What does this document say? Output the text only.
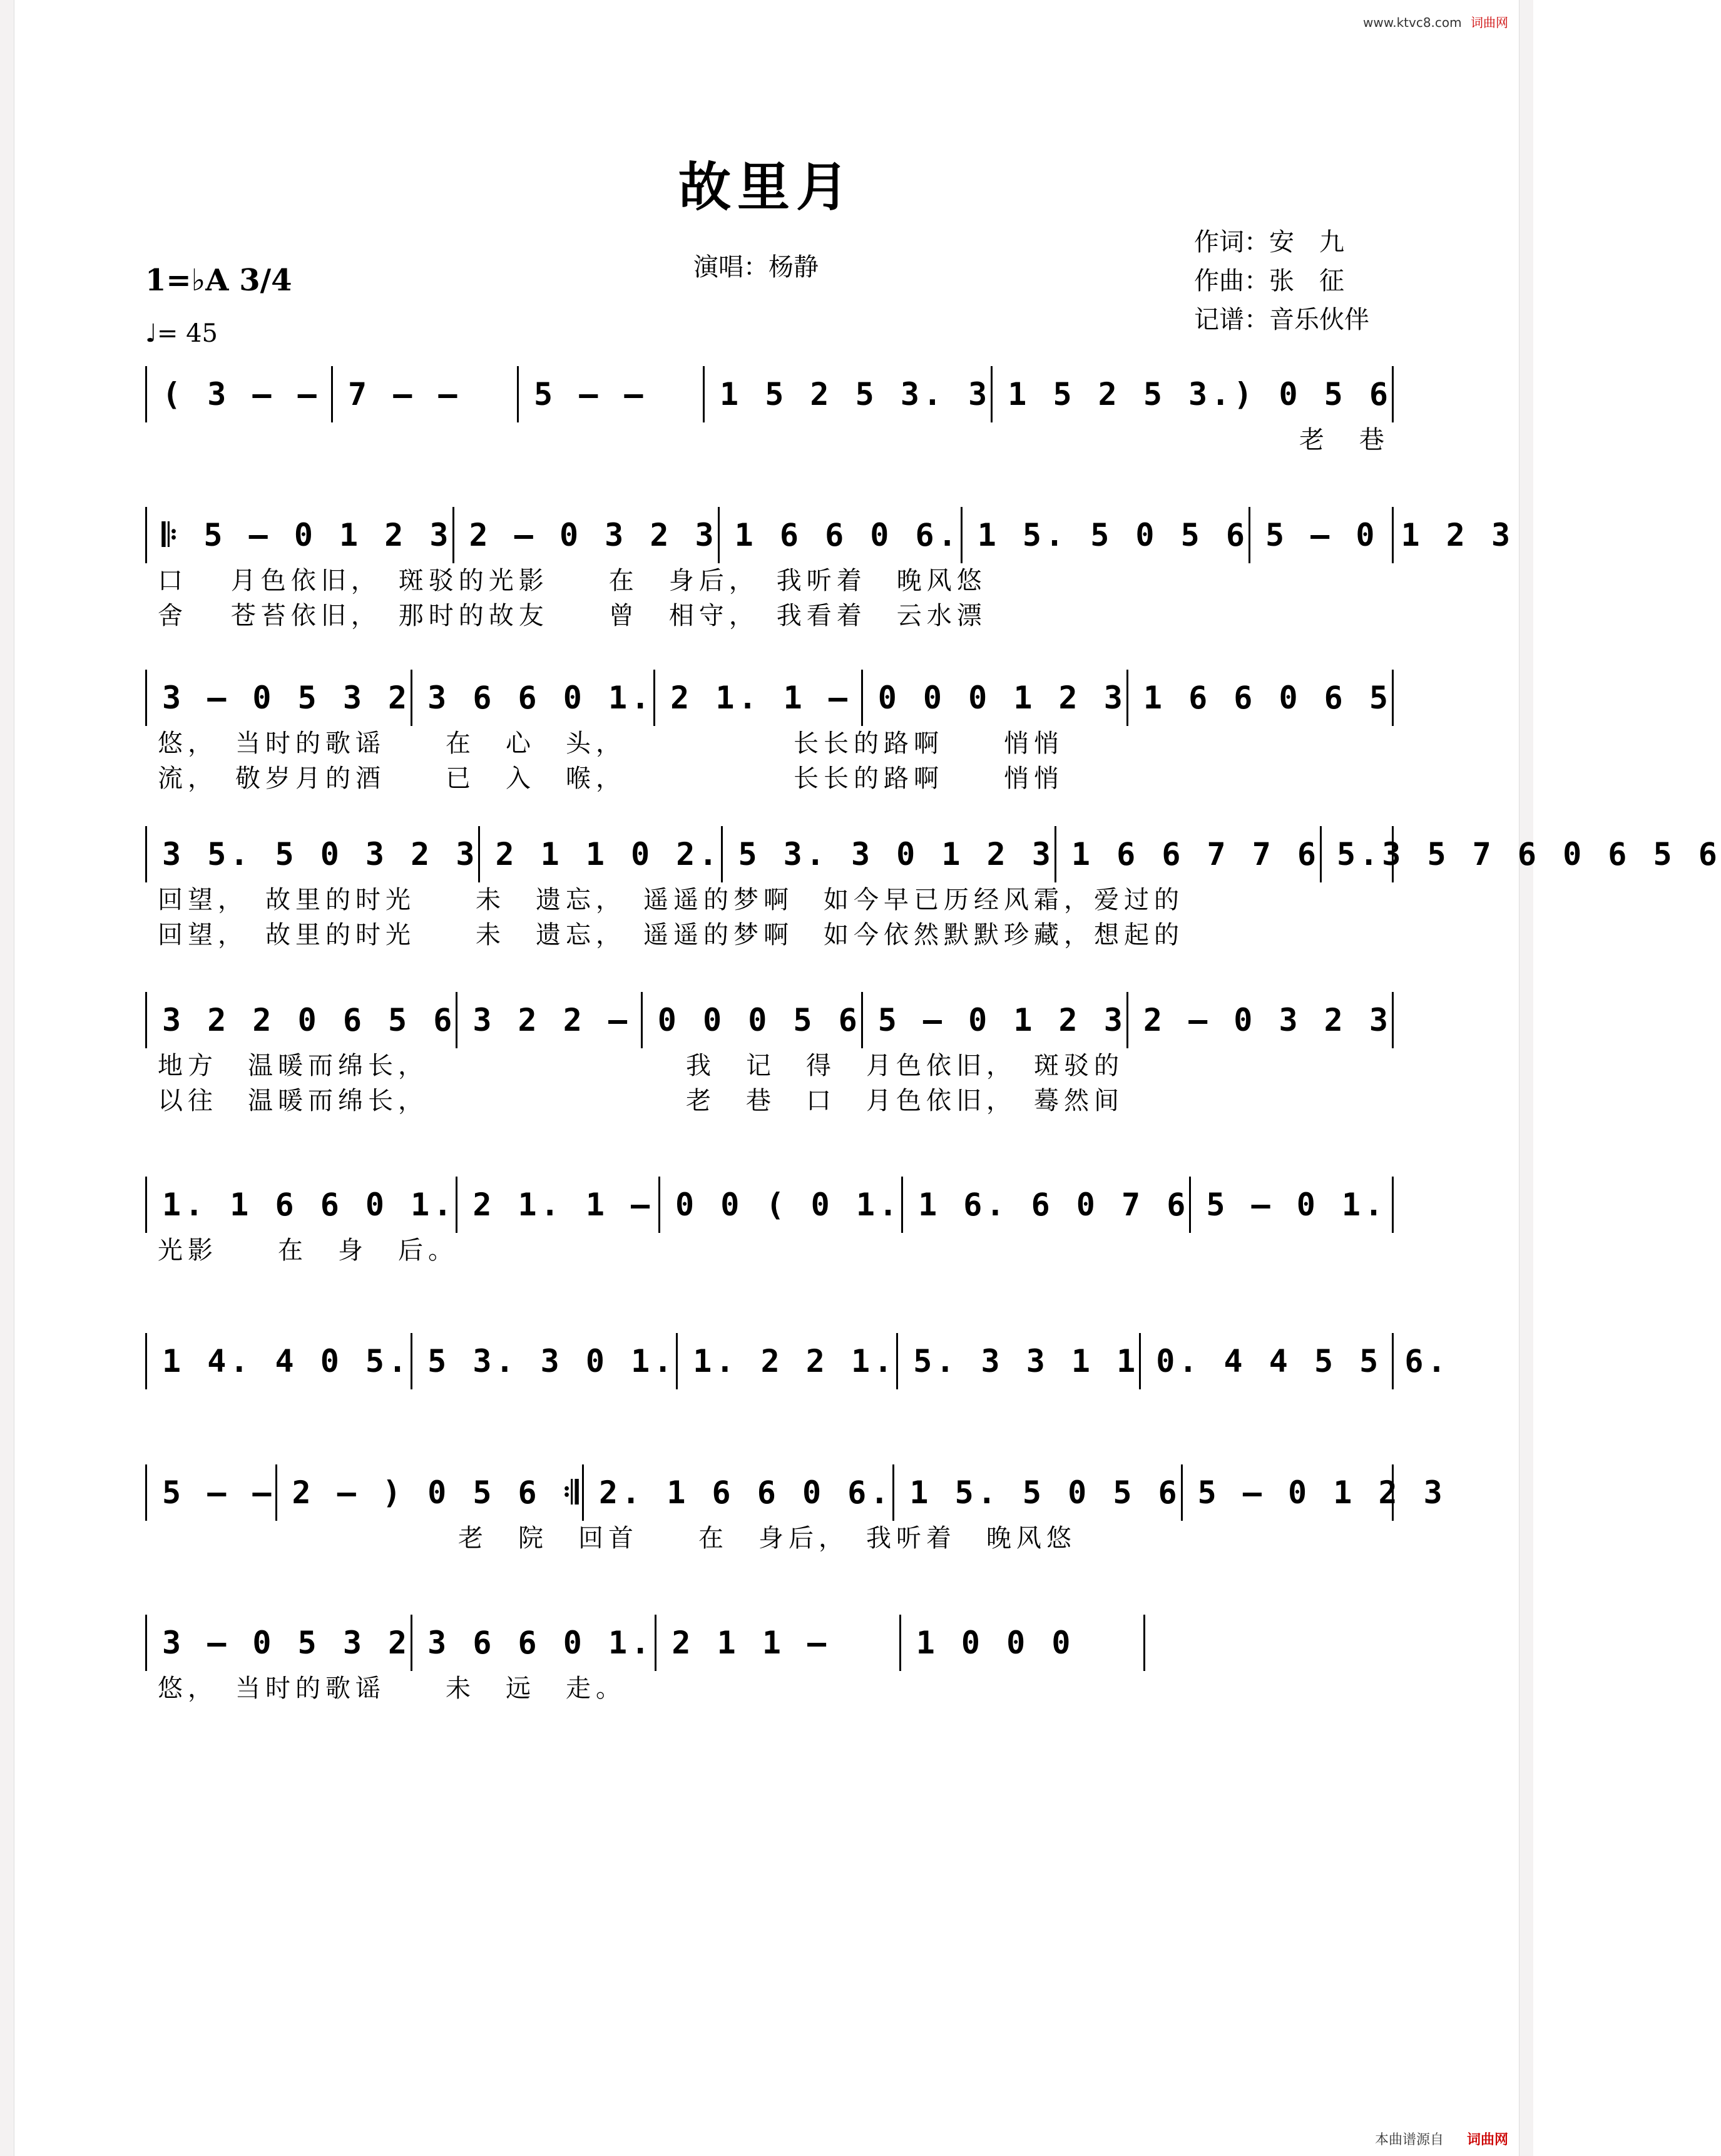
www.ktvc8.com 词曲网
故里月
演唱：杨静
作词：安　九
作曲：张　征
记谱：音乐伙伴
1=♭A 3/4
♩= 45
( 3 – – 7 – –	5 – –	1 5 2 5 3. 3 1 5 2 5 3.) 0 5 6
　　　　　　　　　　　　　　　　　　　　　　　　　　　　　　　　　　　　　　老　巷
𝄆 5 – 0 1 2 3 2 – 0 3 2 3 1 6 6 0 6. 1 5. 5 0 5 6 5 – 0 1 2 3
口　 月色依旧，　斑驳的光影　　在　身后，　我听着　晚风悠
舍　 苍苔依旧，　那时的故友　　曾　相守，　我看着　云水漂
3 – 0 5 3 2 3 6 6 0 1. 2 1. 1 – 0 0 0 1 2 3 1 6 6 0 6 5
悠，　当时的歌谣　　在　心　头，　　　　　　长长的路啊　　悄悄
流，　敬岁月的酒　　已　入　喉，　　　　　　长长的路啊　　悄悄
3 5. 5 0 3 2 3 2 1 1 0 2. 5 3. 3 0 1 2 3 1 6 6 7 7 6 5.3 5 7 6 0 6 5 6
回望，　故里的时光　　未　遗忘，　遥遥的梦啊　如今早已历经风霜，爱过的
回望，　故里的时光　　未　遗忘，　遥遥的梦啊　如今依然默默珍藏，想起的
3 2 2 0 6 5 6 3 2 2 – 0 0 0 5 6 5 – 0 1 2 3 2 – 0 3 2 3
地方　温暖而绵长，　　　　　　　　　我　记　得　月色依旧，　斑驳的
以往　温暖而绵长，　　　　　　　　　老　巷　口　月色依旧，　蓦然间
1. 1 6 6 0 1. 2 1. 1 – 0 0 ( 0 1. 1 6. 6 0 7 6 5 – 0 1.
光影　　在　身　后。
1 4. 4 0 5. 5 3. 3 0 1. 1. 2 2 1. 5. 3 3 1 1 0. 4 4 5 5 6.
5 – – 2 – ) 0 5 6 𝄇 2. 1 6 6 0 6. 1 5. 5 0 5 6 5 – 0 1 2 3
　　　　　　　　　　老　院　回首　　在　身后，　我听着　晚风悠
3 – 0 5 3 2 3 6 6 0 1. 2 1 1 –	1 0 0 0
悠，　当时的歌谣　　未　远　走。
本曲谱源自 词曲网
